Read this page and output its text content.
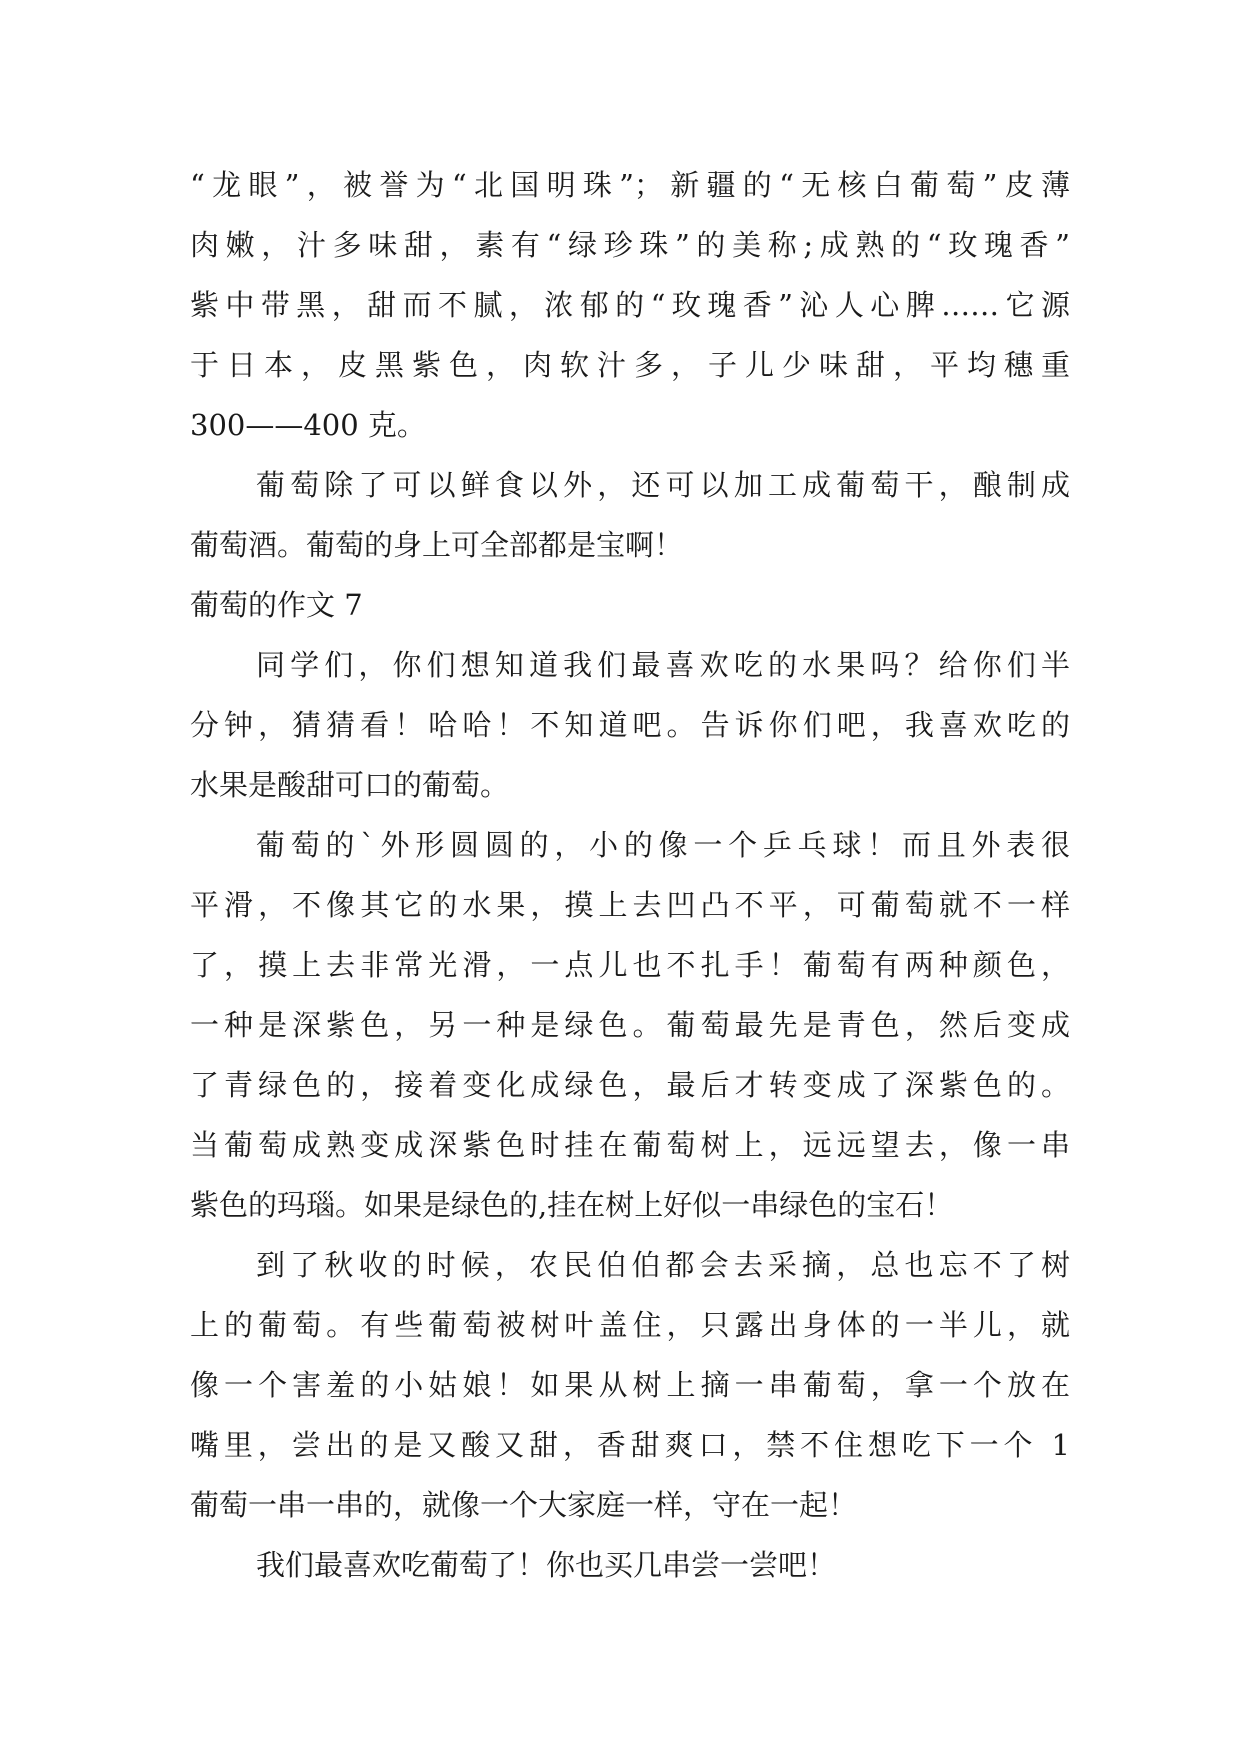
“龙眼”，被誉为“北国明珠”；新疆的“无核白葡萄”皮薄
肉嫩，汁多味甜，素有“绿珍珠”的美称;成熟的“玫瑰香”
紫中带黑，甜而不腻，浓郁的“玫瑰香”沁人心脾……它源
于日本，皮黑紫色，肉软汁多，子儿少味甜，平均穗重
300——400 克。
葡萄除了可以鲜食以外，还可以加工成葡萄干，酿制成
葡萄酒。葡萄的身上可全部都是宝啊！
葡萄的作文 7
同学们，你们想知道我们最喜欢吃的水果吗？给你们半
分钟，猜猜看！哈哈！不知道吧。告诉你们吧，我喜欢吃的
水果是酸甜可口的葡萄。
葡萄的`外形圆圆的，小的像一个乒乓球！而且外表很
平滑，不像其它的水果，摸上去凹凸不平，可葡萄就不一样
了，摸上去非常光滑，一点儿也不扎手！葡萄有两种颜色，
一种是深紫色，另一种是绿色。葡萄最先是青色，然后变成
了青绿色的，接着变化成绿色，最后才转变成了深紫色的。
当葡萄成熟变成深紫色时挂在葡萄树上，远远望去，像一串
紫色的玛瑙。如果是绿色的,挂在树上好似一串绿色的宝石！
到了秋收的时候，农民伯伯都会去采摘，总也忘不了树
上的葡萄。有些葡萄被树叶盖住，只露出身体的一半儿，就
像一个害羞的小姑娘！如果从树上摘一串葡萄，拿一个放在
嘴里，尝出的是又酸又甜，香甜爽口，禁不住想吃下一个 1
葡萄一串一串的，就像一个大家庭一样，守在一起！
我们最喜欢吃葡萄了！你也买几串尝一尝吧！
